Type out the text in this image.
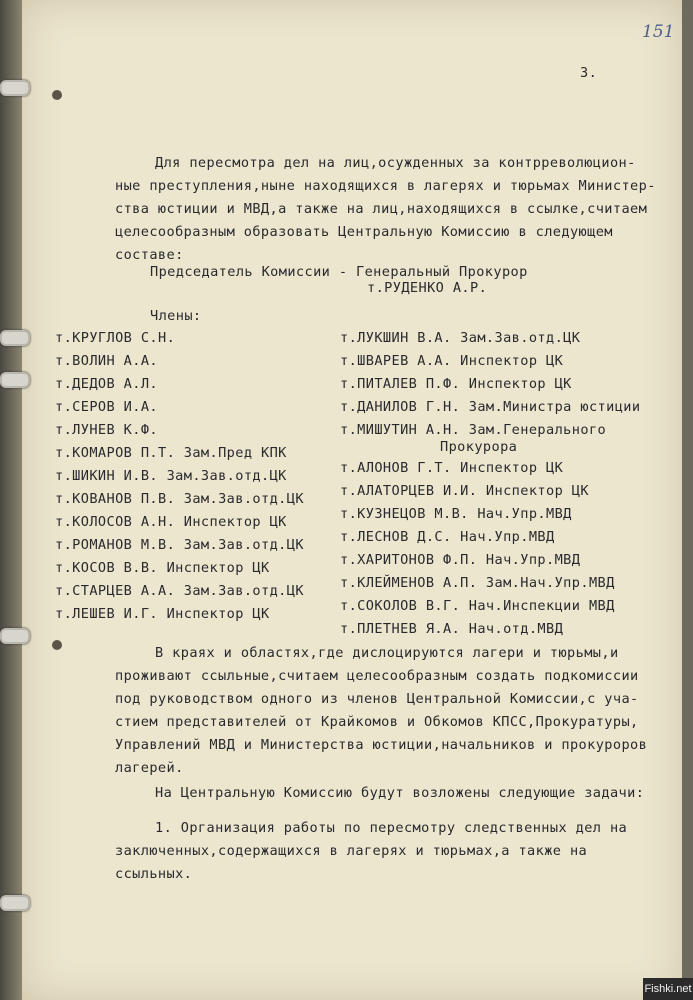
151
3.
Для пересмотра дел на лиц,осужденных за контрреволюцион-
ные преступления,ныне находящихся в лагерях и тюрьмах Министер-
ства юстиции и МВД,а также на лиц,находящихся в ссылке,считаем
целесообразным образовать Центральную Комиссию в следующем
составе:
Председатель Комиссии - Генеральный Прокурор
т.РУДЕНКО А.Р.
Члены:
т.КРУГЛОВ С.Н.
т.ВОЛИН А.А.
т.ДЕДОВ А.Л.
т.СЕРОВ И.А.
т.ЛУНЕВ К.Ф.
т.КОМАРОВ П.Т. Зам.Пред КПК
т.ШИКИН И.В. Зам.Зав.отд.ЦК
т.КОВАНОВ П.В. Зам.Зав.отд.ЦК
т.КОЛОСОВ А.Н. Инспектор ЦК
т.РОМАНОВ М.В. Зам.Зав.отд.ЦК
т.КОСОВ В.В. Инспектор ЦК
т.СТАРЦЕВ А.А. Зам.Зав.отд.ЦК
т.ЛЕШЕВ И.Г. Инспектор ЦК
т.ЛУКШИН В.А. Зам.Зав.отд.ЦК
т.ШВАРЕВ А.А. Инспектор ЦК
т.ПИТАЛЕВ П.Ф. Инспектор ЦК
т.ДАНИЛОВ Г.Н. Зам.Министра юстиции
т.МИШУТИН А.Н. Зам.Генерального
Прокурора
т.АЛОНОВ Г.Т. Инспектор ЦК
т.АЛАТОРЦЕВ И.И. Инспектор ЦК
т.КУЗНЕЦОВ М.В. Нач.Упр.МВД
т.ЛЕСНОВ Д.С. Нач.Упр.МВД
т.ХАРИТОНОВ Ф.П. Нач.Упр.МВД
т.КЛЕЙМЕНОВ А.П. Зам.Нач.Упр.МВД
т.СОКОЛОВ В.Г. Нач.Инспекции МВД
т.ПЛЕТНЕВ Я.А. Нач.отд.МВД
В краях и областях,где дислоцируются лагери и тюрьмы,и
проживают ссыльные,считаем целесообразным создать подкомиссии
под руководством одного из членов Центральной Комиссии,с уча-
стием представителей от Крайкомов и Обкомов КПСС,Прокуратуры,
Управлений МВД и Министерства юстиции,начальников и прокуроров
лагерей.
На Центральную Комиссию будут возложены следующие задачи:
1. Организация работы по пересмотру следственных дел на
заключенных,содержащихся в лагерях и тюрьмах,а также на
ссыльных.
Fishki.net
